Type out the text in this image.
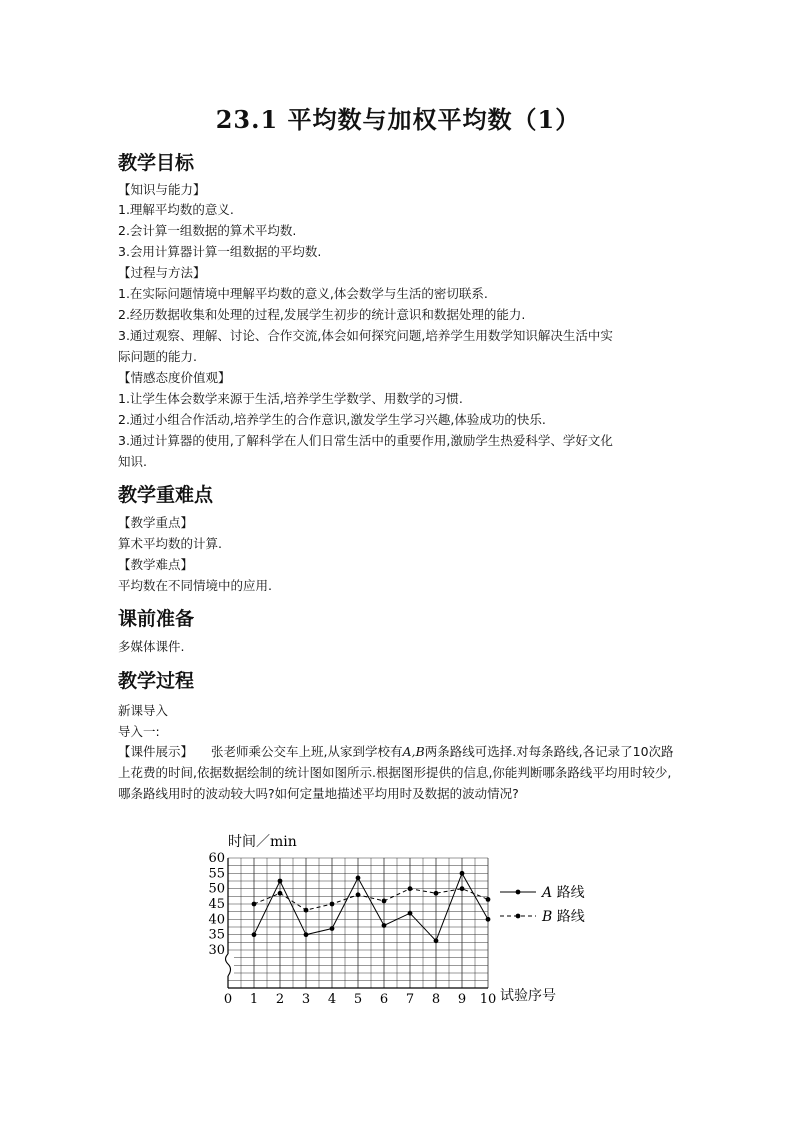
23.1 平均数与加权平均数（1）
教学目标
【知识与能力】
1.理解平均数的意义.
2.会计算一组数据的算术平均数.
3.会用计算器计算一组数据的平均数.
【过程与方法】
1.在实际问题情境中理解平均数的意义,体会数学与生活的密切联系.
2.经历数据收集和处理的过程,发展学生初步的统计意识和数据处理的能力.
3.通过观察、理解、讨论、合作交流,体会如何探究问题,培养学生用数学知识解决生活中实
际问题的能力.
【情感态度价值观】
1.让学生体会数学来源于生活,培养学生学数学、用数学的习惯.
2.通过小组合作活动,培养学生的合作意识,激发学生学习兴趣,体验成功的快乐.
3.通过计算器的使用,了解科学在人们日常生活中的重要作用,激励学生热爱科学、学好文化
知识.
教学重难点
【教学重点】
算术平均数的计算.
【教学难点】
平均数在不同情境中的应用.
课前准备
多媒体课件.
教学过程
新课导入
导入一:
【课件展示】 张老师乘公交车上班,从家到学校有A,B两条路线可选择.对每条路线,各记录了10次路上花费的时间,依据数据绘制的统计图如图所示.根据图形提供的信息,你能判断哪条路线平均用时较少,哪条路线用时的波动较大吗?如何定量地描述平均用时及数据的波动情况?
时间／min
0 1 2 3 4 5 6 7 8 9 10
30
35
40
45
50
55
60
A 路线
B 路线
试验序号
